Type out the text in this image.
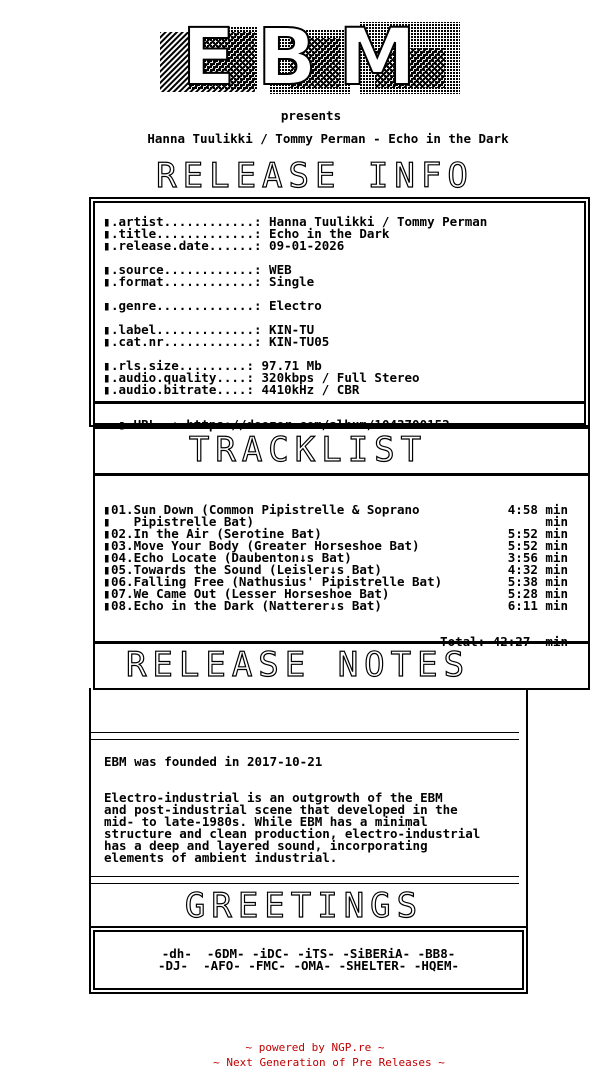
EBM
presents
Hanna Tuulikki / Tommy Perman - Echo in the Dark
RELEASE INFO
▮.artist............: Hanna Tuulikki / Tommy Perman
▮.title.............: Echo in the Dark
▮.release.date......: 09-01-2026
▮.source............: WEB
▮.format............: Single
▮.genre.............: Electro
▮.label.............: KIN-TU
▮.cat.nr............: KIN-TU05
▮.rls.size.........: 97.71 Mb
▮.audio.quality....: 320kbps / Full Stereo
▮.audio.bitrate....: 4410kHz / CBR

▮.URL..: https://deezer.com/album/1043700152

TRACKLIST
▮ 01.Sun Down (Common Pipistrelle & Soprano	4:58 min
▮ Pipistrelle Bat)	min
▮ 02.In the Air (Serotine Bat)	5:52 min
▮ 03.Move Your Body (Greater Horseshoe Bat)	5:52 min
▮ 04.Echo Locate (Daubenton↓s Bat)	3:56 min
▮ 05.Towards the Sound (Leisler↓s Bat)	4:32 min
▮ 06.Falling Free (Nathusius' Pipistrelle Bat)	5:38 min
▮ 07.We Came Out (Lesser Horseshoe Bat)	5:28 min
▮ 08.Echo in the Dark (Natterer↓s Bat)	6:11 min

Total: 42:27  min

RELEASE NOTES
EBM was founded in 2017-10-21
Electro-industrial is an outgrowth of the EBM
and post-industrial scene that developed in the
mid- to late-1980s. While EBM has a minimal
structure and clean production, electro-industrial
has a deep and layered sound, incorporating
elements of ambient industrial.
GREETINGS
-dh-  -6DM- -iDC- -iTS- -SiBERiA- -BB8-
-DJ-  -AFO- -FMC- -OMA- -SHELTER- -HQEM-
~ powered by NGP.re ~
~ Next Generation of Pre Releases ~
